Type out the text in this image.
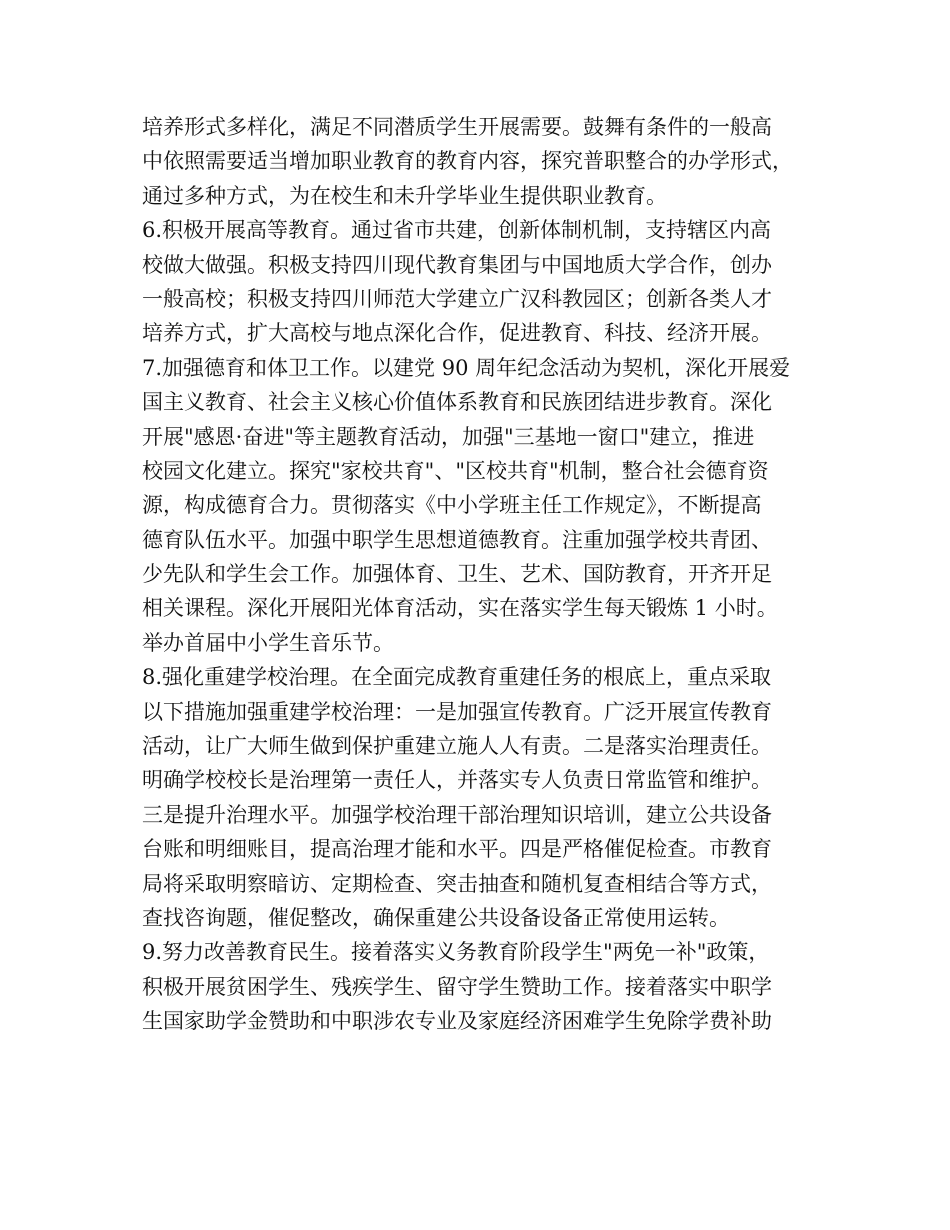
培养形式多样化，满足不同潜质学生开展需要。鼓舞有条件的一般高
中依照需要适当增加职业教育的教育内容，探究普职整合的办学形式，
通过多种方式，为在校生和未升学毕业生提供职业教育。
6.积极开展高等教育。通过省市共建，创新体制机制，支持辖区内高
校做大做强。积极支持四川现代教育集团与中国地质大学合作，创办
一般高校；积极支持四川师范大学建立广汉科教园区；创新各类人才
培养方式，扩大高校与地点深化合作，促进教育、科技、经济开展。
7.加强德育和体卫工作。以建党 90 周年纪念活动为契机，深化开展爱
国主义教育、社会主义核心价值体系教育和民族团结进步教育。深化
开展"感恩·奋进"等主题教育活动，加强"三基地一窗口"建立，推进
校园文化建立。探究"家校共育"、"区校共育"机制，整合社会德育资
源，构成德育合力。贯彻落实《中小学班主任工作规定》，不断提高
德育队伍水平。加强中职学生思想道德教育。注重加强学校共青团、
少先队和学生会工作。加强体育、卫生、艺术、国防教育，开齐开足
相关课程。深化开展阳光体育活动，实在落实学生每天锻炼 1 小时。
举办首届中小学生音乐节。
8.强化重建学校治理。在全面完成教育重建任务的根底上，重点采取
以下措施加强重建学校治理：一是加强宣传教育。广泛开展宣传教育
活动，让广大师生做到保护重建立施人人有责。二是落实治理责任。
明确学校校长是治理第一责任人，并落实专人负责日常监管和维护。
三是提升治理水平。加强学校治理干部治理知识培训，建立公共设备
台账和明细账目，提高治理才能和水平。四是严格催促检查。市教育
局将采取明察暗访、定期检查、突击抽查和随机复查相结合等方式，
查找咨询题，催促整改，确保重建公共设备设备正常使用运转。
9.努力改善教育民生。接着落实义务教育阶段学生"两免一补"政策，
积极开展贫困学生、残疾学生、留守学生赞助工作。接着落实中职学
生国家助学金赞助和中职涉农专业及家庭经济困难学生免除学费补助
